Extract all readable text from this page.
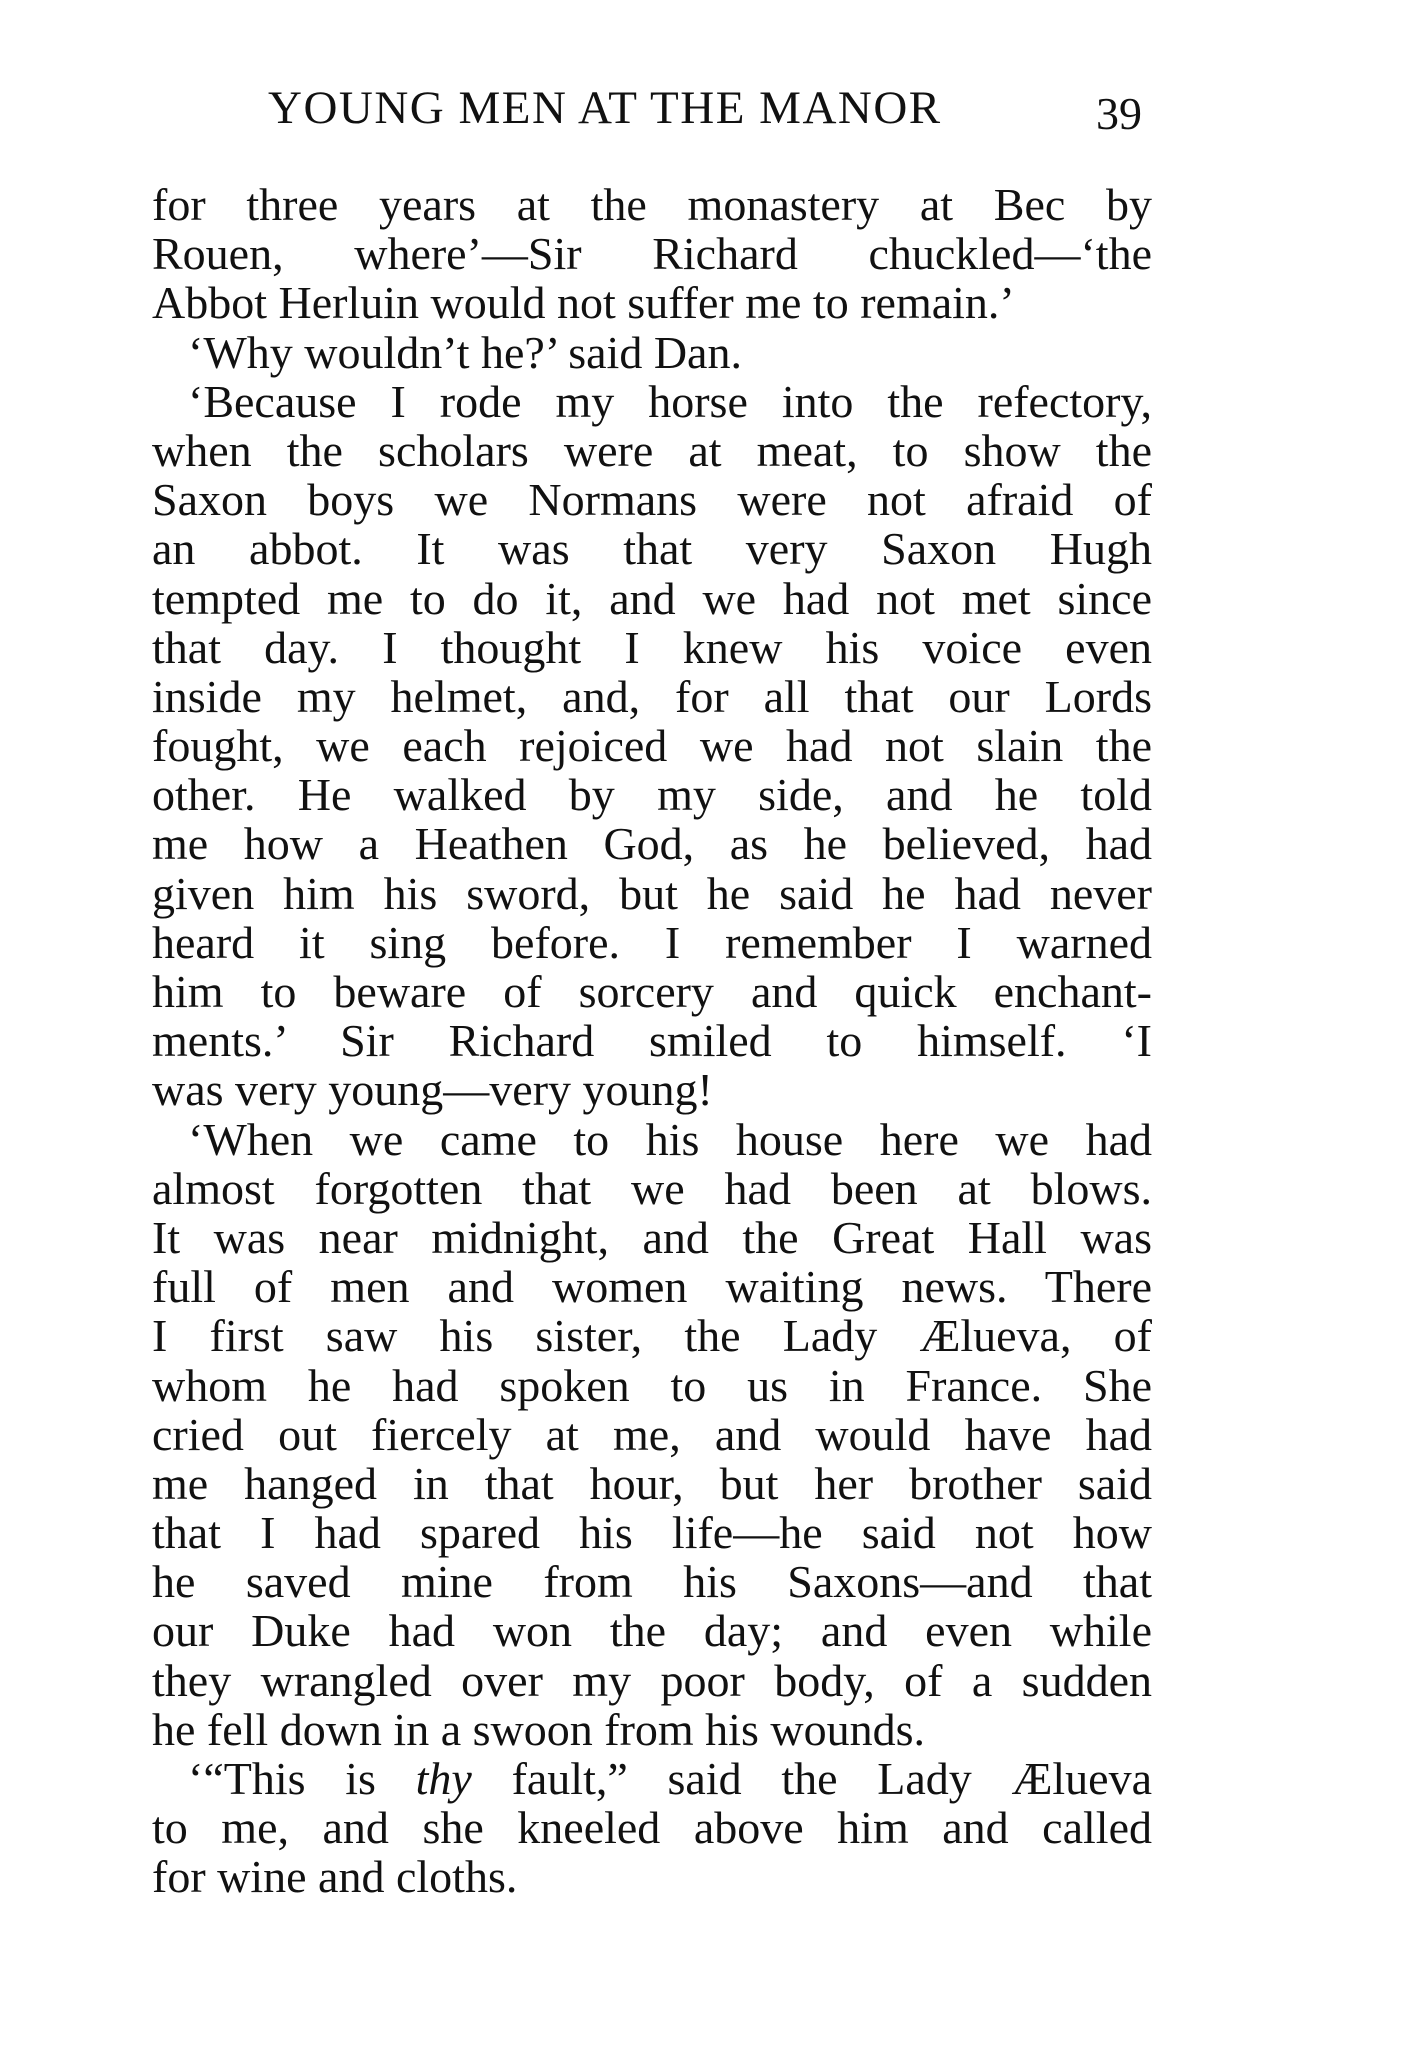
YOUNG MEN AT THE MANOR	39
for three years at the monastery at Bec by
Rouen, where’—Sir Richard chuckled—‘the
Abbot Herluin would not suffer me to remain.’
‘Why wouldn’t he?’ said Dan.
‘Because I rode my horse into the refectory,
when the scholars were at meat, to show the
Saxon boys we Normans were not afraid of
an abbot. It was that very Saxon Hugh
tempted me to do it, and we had not met since
that day. I thought I knew his voice even
inside my helmet, and, for all that our Lords
fought, we each rejoiced we had not slain the
other. He walked by my side, and he told
me how a Heathen God, as he believed, had
given him his sword, but he said he had never
heard it sing before. I remember I warned
him to beware of sorcery and quick enchant-
ments.’ Sir Richard smiled to himself. ‘I
was very young—very young!
‘When we came to his house here we had
almost forgotten that we had been at blows.
It was near midnight, and the Great Hall was
full of men and women waiting news. There
I first saw his sister, the Lady Ælueva, of
whom he had spoken to us in France. She
cried out fiercely at me, and would have had
me hanged in that hour, but her brother said
that I had spared his life—he said not how
he saved mine from his Saxons—and that
our Duke had won the day; and even while
they wrangled over my poor body, of a sudden
he fell down in a swoon from his wounds.
‘“This is thy fault,” said the Lady Ælueva
to me, and she kneeled above him and called
for wine and cloths.
